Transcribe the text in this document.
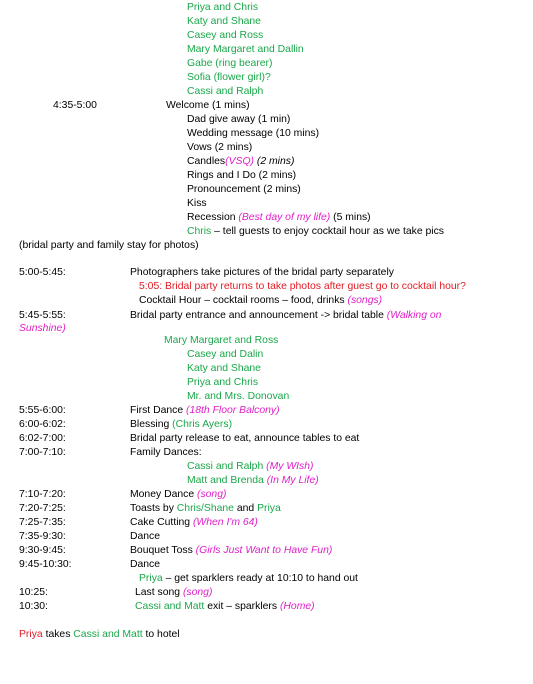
Priya and Chris
Katy and Shane
Casey and Ross
Mary Margaret and Dallin
Gabe (ring bearer)
Sofia (flower girl)?
Cassi and Ralph
4:35-5:00	Welcome (1 mins)
Dad give away (1 min)
Wedding message (10 mins)
Vows (2 mins)
Candles(VSQ) (2 mins)
Rings and I Do (2 mins)
Pronouncement (2 mins)
Kiss
Recession (Best day of my life) (5 mins)
Chris – tell guests to enjoy cocktail hour as we take pics
(bridal party and family stay for photos)
5:00-5:45:	Photographers take pictures of the bridal party separately
5:05: Bridal party returns to take photos after guest go to cocktail hour?
Cocktail Hour – cocktail rooms – food, drinks (songs)
5:45-5:55:	Bridal party entrance and announcement -> bridal table (Walking on
Sunshine)
Mary Margaret and Ross
Casey and Dalin
Katy and Shane
Priya and Chris
Mr. and Mrs. Donovan
5:55-6:00:	First Dance (18th Floor Balcony)
6:00-6:02:	Blessing (Chris Ayers)
6:02-7:00:	Bridal party release to eat, announce tables to eat
7:00-7:10:	Family Dances:
Cassi and Ralph (My WIsh)
Matt and Brenda (In My Life)
7:10-7:20:	Money Dance (song)
7:20-7:25:	Toasts by Chris/Shane and Priya
7:25-7:35:	Cake Cutting (When I'm 64)
7:35-9:30:	Dance
9:30-9:45:	Bouquet Toss (Girls Just Want to Have Fun)
9:45-10:30:	Dance
Priya – get sparklers ready at 10:10 to hand out
10:25:	Last song (song)
10:30:	Cassi and Matt exit – sparklers (Home)
Priya takes Cassi and Matt to hotel
